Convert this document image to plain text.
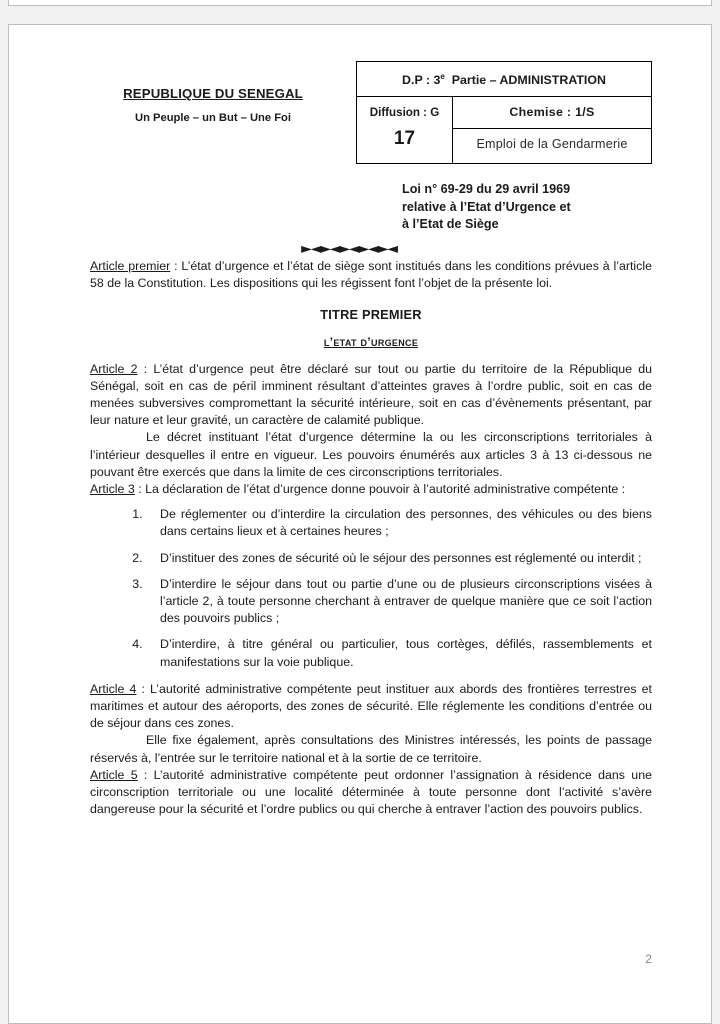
REPUBLIQUE DU SENEGAL
Un Peuple – un But – Une Foi
D.P : 3e Partie – ADMINISTRATION
Diffusion : G
17
Chemise : 1/S
Emploi de la Gendarmerie
Loi n° 69-29 du 29 avril 1969
relative à l’Etat d’Urgence et
à l’Etat de Siège
►◄►◄►◄►◄►◄

Article premier : L’état d’urgence et l’état de siège sont institués dans les conditions prévues à l’article 58 de la Constitution. Les dispositions qui les régissent font l’objet de la présente loi.

TITRE PREMIER
l’etat d’urgence

Article 2 : L’état d’urgence peut être déclaré sur tout ou partie du territoire de la République du Sénégal, soit en cas de péril imminent résultant d’atteintes graves à l’ordre public, soit en cas de menées subversives compromettant la sécurité intérieure, soit en cas d’évènements présentant, par leur nature et leur gravité, un caractère de calamité publique.

Le décret instituant l’état d’urgence détermine la ou les circonscriptions territoriales à l’intérieur desquelles il entre en vigueur. Les pouvoirs énumérés aux articles 3 à 13 ci-dessous ne pouvant être exercés que dans la limite de ces circonscriptions territoriales.

Article 3 : La déclaration de l’état d’urgence donne pouvoir à l’autorité administrative compétente :

1. De réglementer ou d’interdire la circulation des personnes, des véhicules ou des biens dans certains lieux et à certaines heures ;
2. D’instituer des zones de sécurité où le séjour des personnes est réglementé ou interdit ;
3. D’interdire le séjour dans tout ou partie d’une ou de plusieurs circonscriptions visées à l’article 2, à toute personne cherchant à entraver de quelque manière que ce soit l’action des pouvoirs publics ;
4. D’interdire, à titre général ou particulier, tous cortèges, défilés, rassemblements et manifestations sur la voie publique.

Article 4 : L’autorité administrative compétente peut instituer aux abords des frontières terrestres et maritimes et autour des aéroports, des zones de sécurité. Elle réglemente les conditions d’entrée ou de séjour dans ces zones.

Elle fixe également, après consultations des Ministres intéressés, les points de passage réservés à, l’entrée sur le territoire national et à la sortie de ce territoire.

Article 5 : L’autorité administrative compétente peut ordonner l’assignation à résidence dans une circonscription territoriale ou une localité déterminée à toute personne dont l’activité s’avère dangereuse pour la sécurité et l’ordre publics ou qui cherche à entraver l’action des pouvoirs publics.

2
